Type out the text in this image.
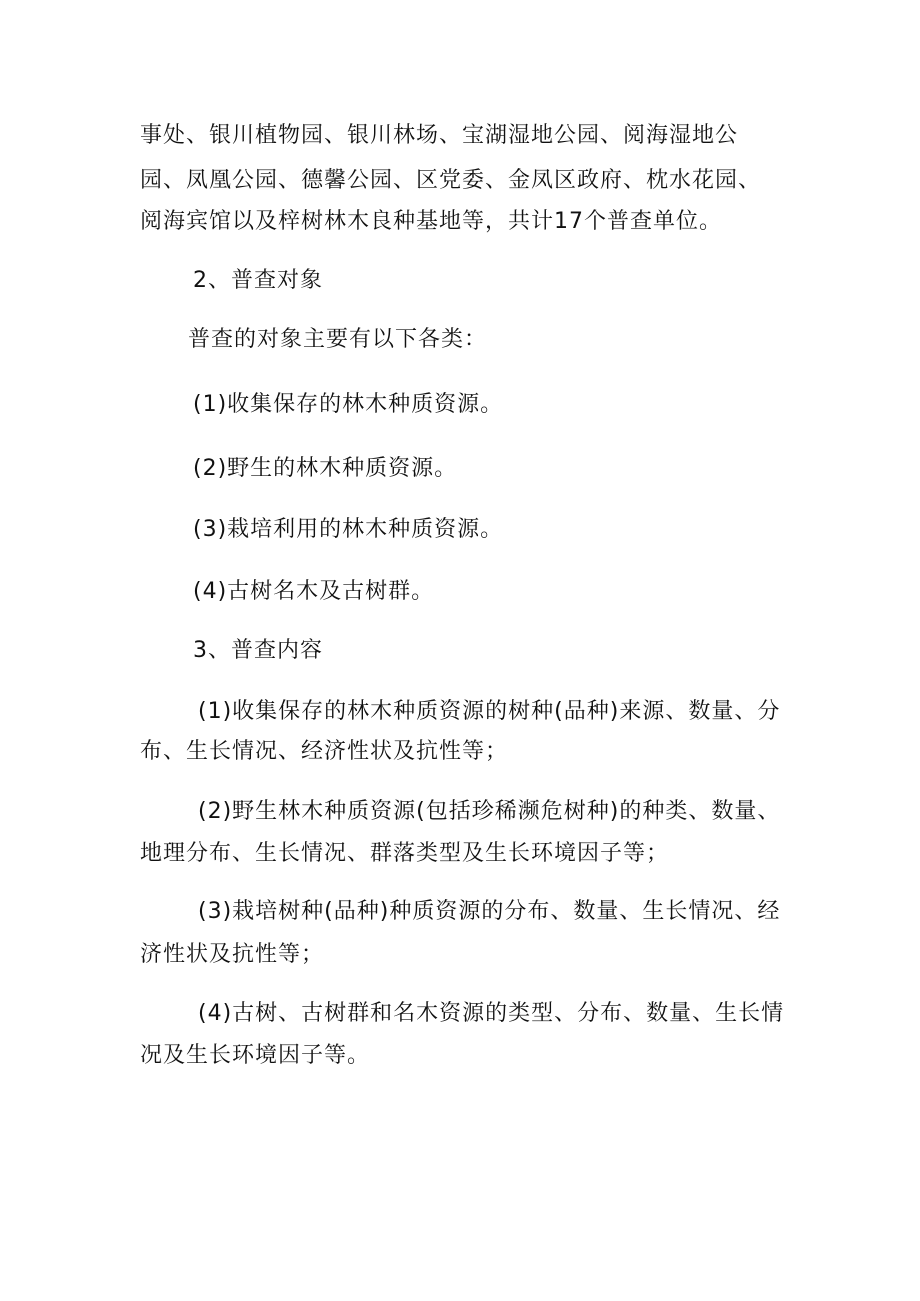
事处、银川植物园、银川林场、宝湖湿地公园、阅海湿地公
园、凤凰公园、德馨公园、区党委、金凤区政府、枕水花园、
阅海宾馆以及梓树林木良种基地等，共计17个普查单位。
2、普查对象
普查的对象主要有以下各类：
(1)收集保存的林木种质资源。
(2)野生的林木种质资源。
(3)栽培利用的林木种质资源。
(4)古树名木及古树群。
3、普查内容
(1)收集保存的林木种质资源的树种(品种)来源、数量、分
布、生长情况、经济性状及抗性等；
(2)野生林木种质资源(包括珍稀濒危树种)的种类、数量、
地理分布、生长情况、群落类型及生长环境因子等；
(3)栽培树种(品种)种质资源的分布、数量、生长情况、经
济性状及抗性等；
(4)古树、古树群和名木资源的类型、分布、数量、生长情
况及生长环境因子等。
